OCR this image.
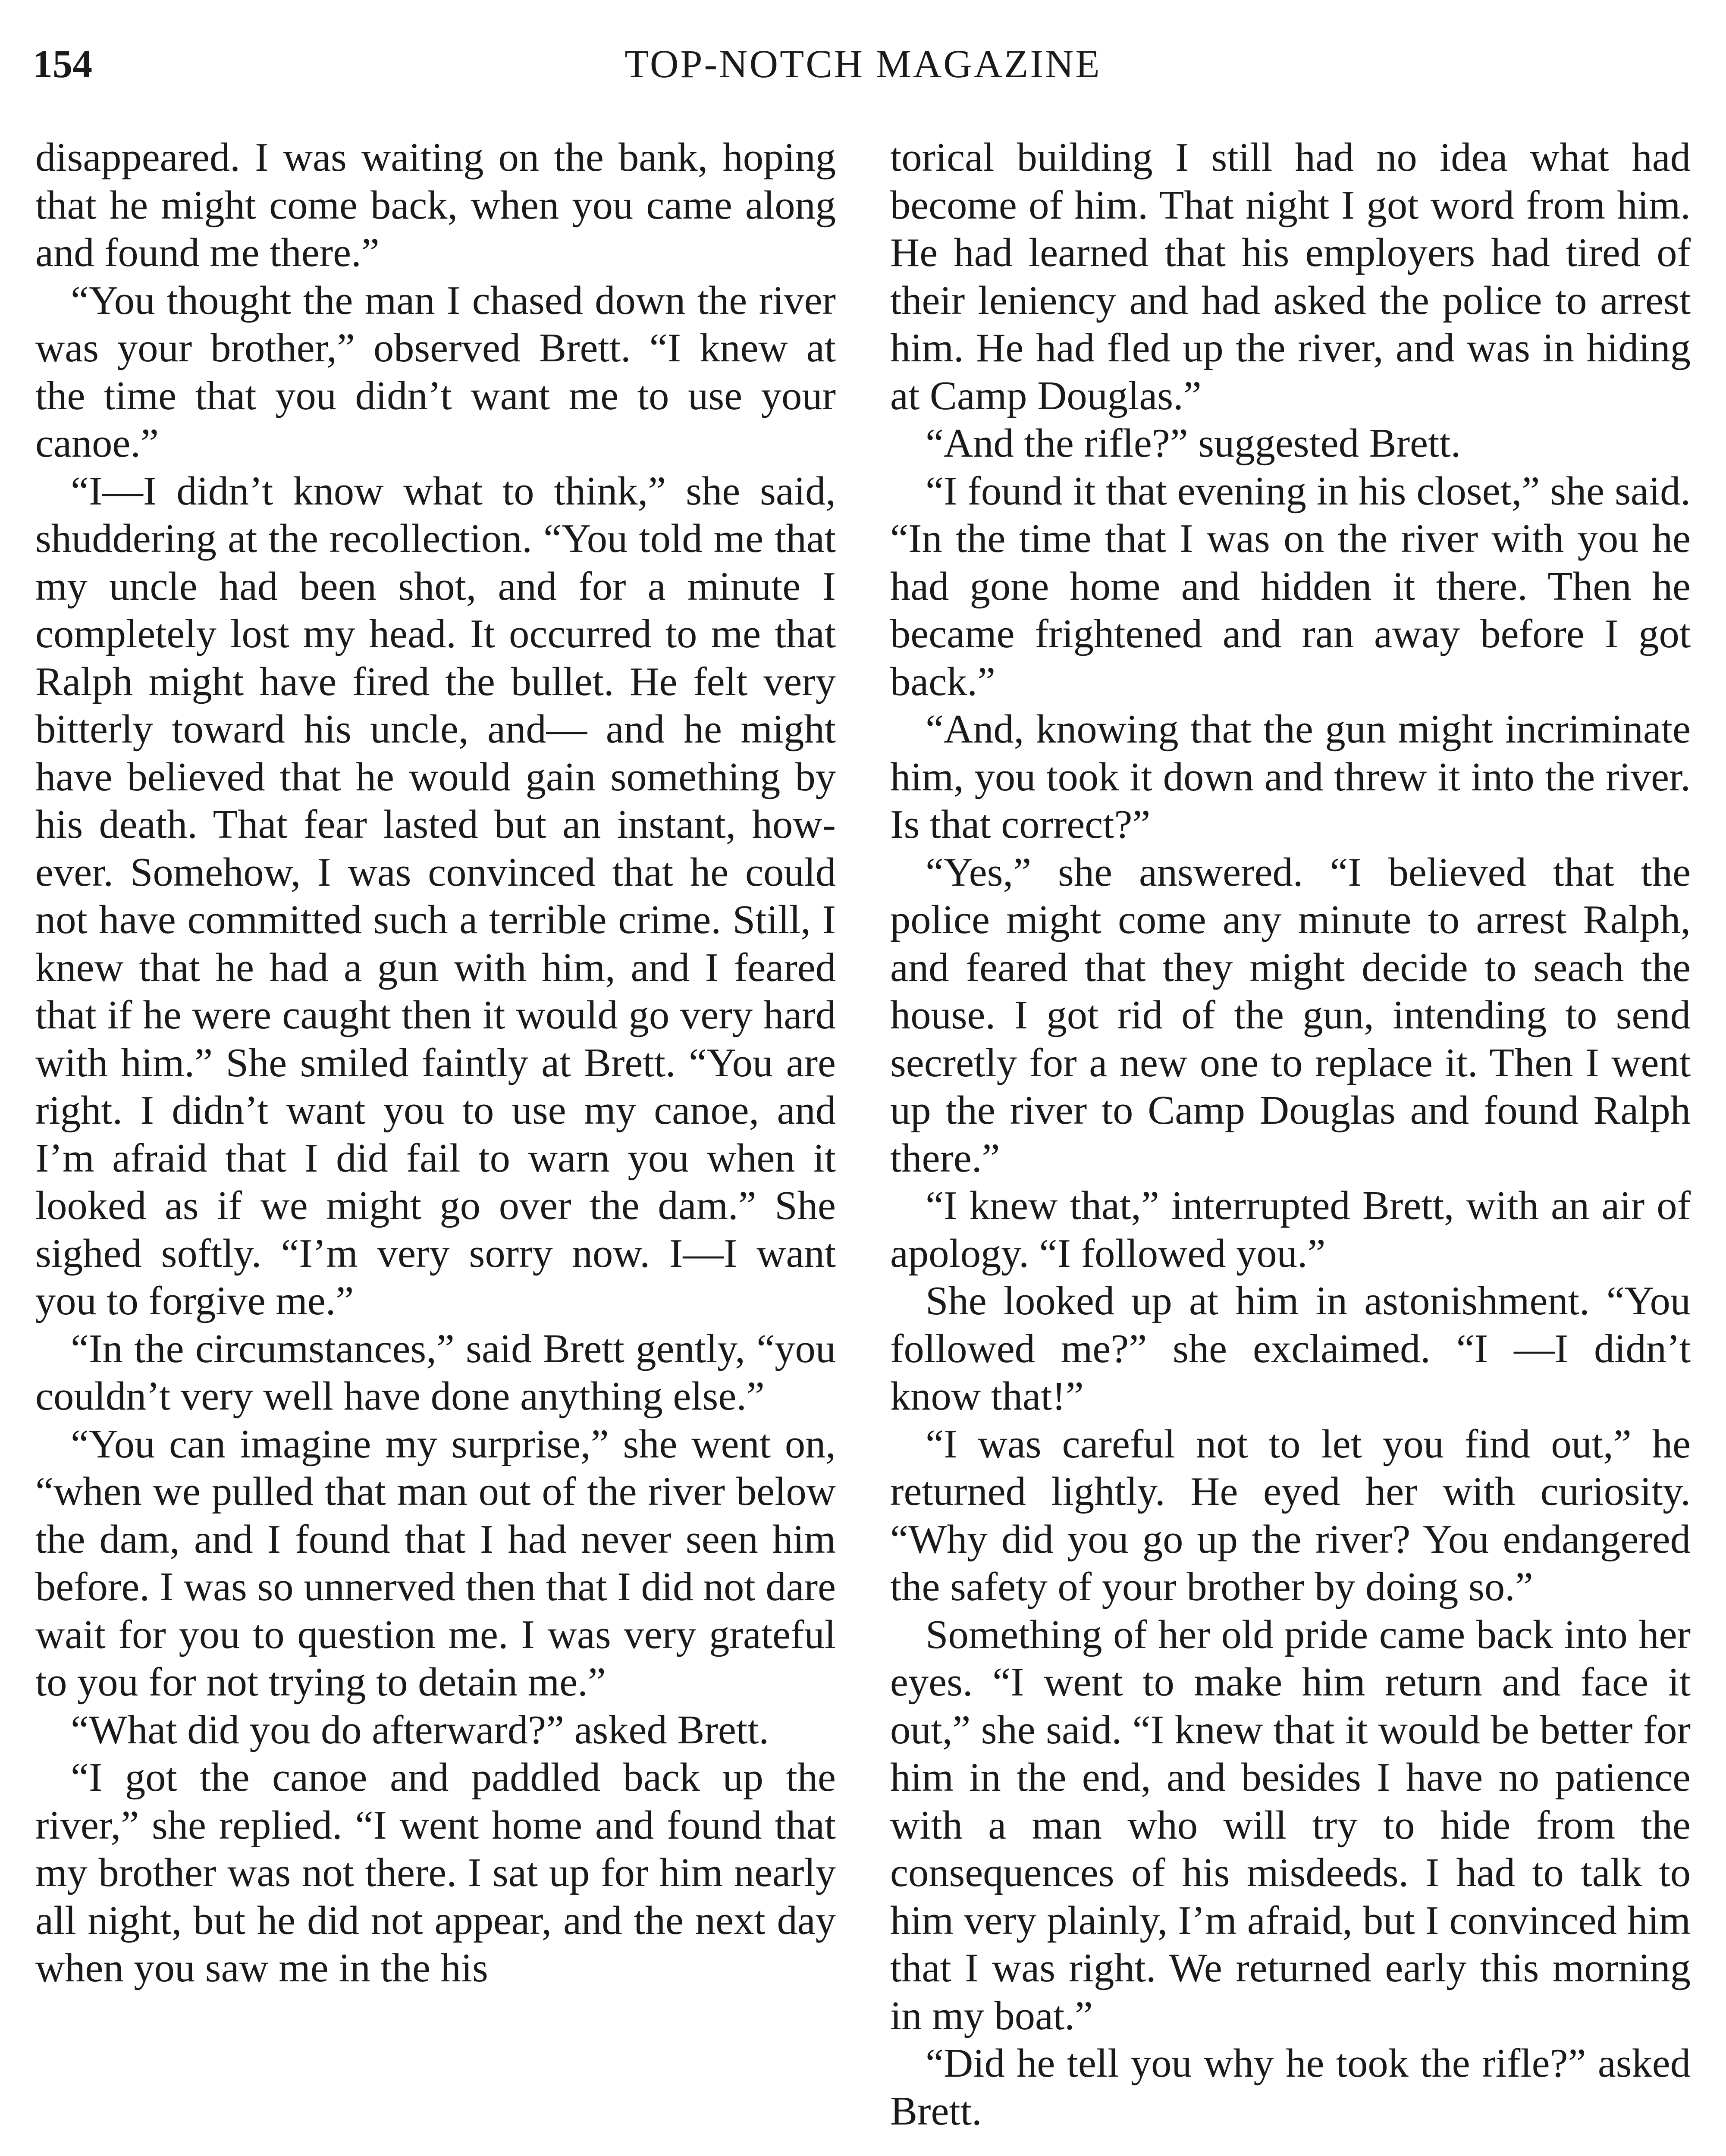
154	TOP-NOTCH MAGAZINE

disappeared. I was waiting on the bank, hoping that he might come back, when you came along and found me there.”

“You thought the man I chased down the river was your brother,” observed Brett. “I knew at the time that you didn’t want me to use your canoe.”

“I—I didn’t know what to think,” she said, shuddering at the recollection. “You told me that my uncle had been shot, and for a minute I completely lost my head. It occurred to me that Ralph might have fired the bullet. He felt very bitterly toward his uncle, and— and he might have believed that he would gain something by his death. That fear lasted but an instant, however. Somehow, I was convinced that he could not have committed such a terrible crime. Still, I knew that he had a gun with him, and I feared that if he were caught then it would go very hard with him.” She smiled faintly at Brett. “You are right. I didn’t want you to use my canoe, and I’m afraid that I did fail to warn you when it looked as if we might go over the dam.” She sighed softly. “I’m very sorry now. I—I want you to forgive me.”

“In the circumstances,” said Brett gently, “you couldn’t very well have done anything else.”

“You can imagine my surprise,” she went on, “when we pulled that man out of the river below the dam, and I found that I had never seen him before. I was so unnerved then that I did not dare wait for you to question me. I was very grateful to you for not trying to detain me.”

“What did you do afterward?” asked Brett.

“I got the canoe and paddled back up the river,” she replied. “I went home and found that my brother was not there. I sat up for him nearly all night, but he did not appear, and the next day when you saw me in the his

torical building I still had no idea what had become of him. That night I got word from him. He had learned that his employers had tired of their leniency and had asked the police to arrest him. He had fled up the river, and was in hiding at Camp Douglas.”

“And the rifle?” suggested Brett.

“I found it that evening in his closet,” she said. “In the time that I was on the river with you he had gone home and hidden it there. Then he became frightened and ran away before I got back.”

“And, knowing that the gun might incriminate him, you took it down and threw it into the river. Is that correct?”

“Yes,” she answered. “I believed that the police might come any minute to arrest Ralph, and feared that they might decide to seach the house. I got rid of the gun, intending to send secretly for a new one to replace it. Then I went up the river to Camp Douglas and found Ralph there.”

“I knew that,” interrupted Brett, with an air of apology. “I followed you.”

She looked up at him in astonishment. “You followed me?” she exclaimed. “I —I didn’t know that!”

“I was careful not to let you find out,” he returned lightly. He eyed her with curiosity. “Why did you go up the river? You endangered the safety of your brother by doing so.”

Something of her old pride came back into her eyes. “I went to make him return and face it out,” she said. “I knew that it would be better for him in the end, and besides I have no patience with a man who will try to hide from the consequences of his misdeeds. I had to talk to him very plainly, I’m afraid, but I convinced him that I was right. We returned early this morning in my boat.”

“Did he tell you why he took the rifle?” asked Brett.
